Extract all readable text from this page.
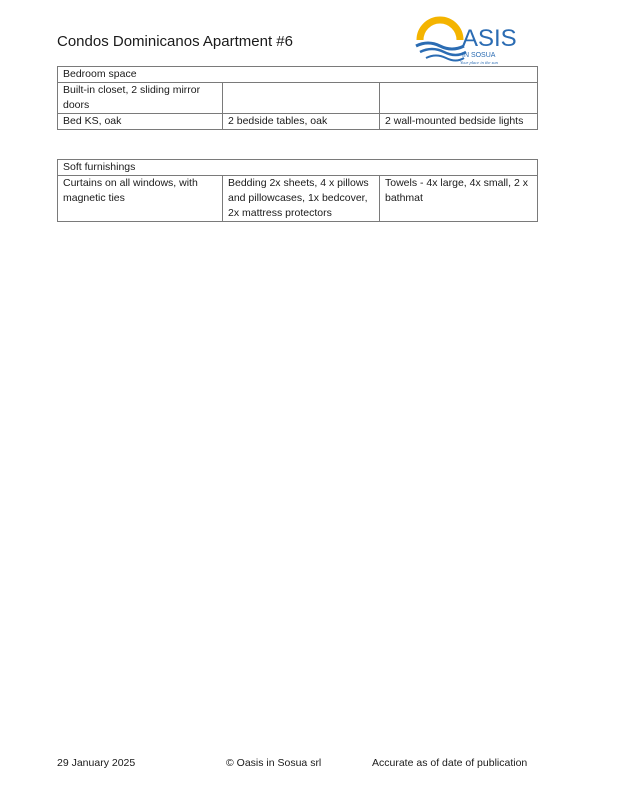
Condos Dominicanos Apartment #6	ASIS
IN SOSUA
Your place in the sun
Bedroom space		
Built-in closet, 2 sliding mirror doors		
Bed KS, oak	2 bedside tables, oak	2 wall-mounted bedside lights
Soft furnishings
Curtains on all windows, with magnetic ties	Bedding 2x sheets, 4 x pillows and pillowcases, 1x bedcover, 2x mattress protectors	Towels - 4x large, 4x small, 2 x bathmat
29 January 2025	© Oasis in Sosua srl	Accurate as of date of publication
